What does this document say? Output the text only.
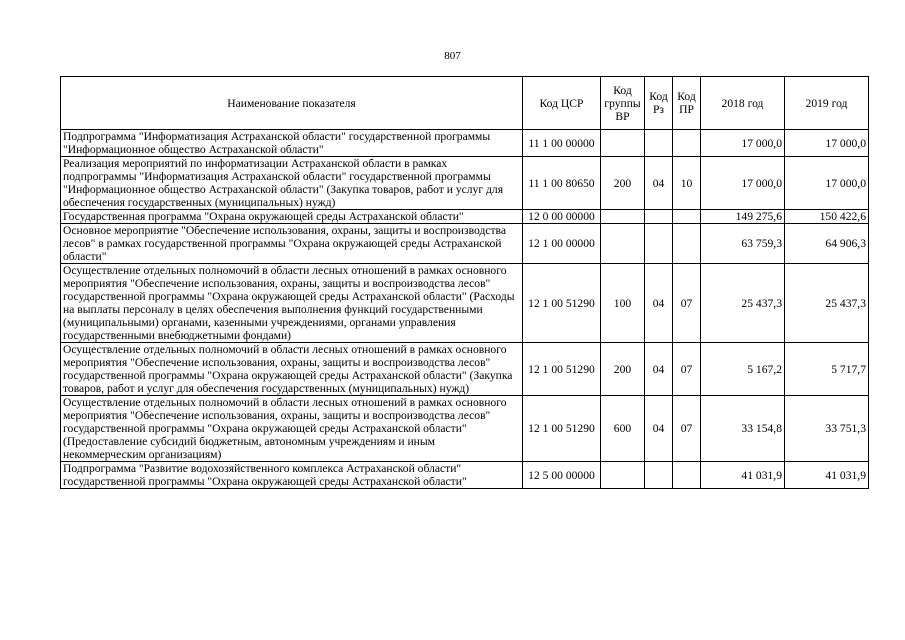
807
Наименование показателя	Код ЦСР	Код группы ВР	Код Рз	Код ПР	2018 год	2019 год
Подпрограмма "Информатизация Астраханской области" государственной программы "Информационное общество Астраханской области"	11 1 00 00000				17 000,0	17 000,0
Реализация мероприятий по информатизации Астраханской области в рамках подпрограммы "Информатизация Астраханской области" государственной программы "Информационное общество Астраханской области" (Закупка товаров, работ и услуг для обеспечения государственных (муниципальных) нужд)	11 1 00 80650	200	04	10	17 000,0	17 000,0
Государственная программа "Охрана окружающей среды Астраханской области"	12 0 00 00000				149 275,6	150 422,6
Основное мероприятие "Обеспечение использования, охраны, защиты и воспроизводства лесов" в рамках государственной программы "Охрана окружающей среды Астраханской области"	12 1 00 00000				63 759,3	64 906,3
Осуществление отдельных полномочий в области лесных отношений в рамках основного мероприятия "Обеспечение использования, охраны, защиты и воспроизводства лесов" государственной программы "Охрана окружающей среды Астраханской области" (Расходы на выплаты персоналу в целях обеспечения выполнения функций государственными (муниципальными) органами, казенными учреждениями, органами управления государственными внебюджетными фондами)	12 1 00 51290	100	04	07	25 437,3	25 437,3
Осуществление отдельных полномочий в области лесных отношений в рамках основного мероприятия "Обеспечение использования, охраны, защиты и воспроизводства лесов" государственной программы "Охрана окружающей среды Астраханской области" (Закупка товаров, работ и услуг для обеспечения государственных (муниципальных) нужд)	12 1 00 51290	200	04	07	5 167,2	5 717,7
Осуществление отдельных полномочий в области лесных отношений в рамках основного мероприятия "Обеспечение использования, охраны, защиты и воспроизводства лесов" государственной программы "Охрана окружающей среды Астраханской области" (Предоставление субсидий бюджетным, автономным учреждениям и иным некоммерческим организациям)	12 1 00 51290	600	04	07	33 154,8	33 751,3
Подпрограмма "Развитие водохозяйственного комплекса Астраханской области" государственной программы "Охрана окружающей среды Астраханской области"	12 5 00 00000				41 031,9	41 031,9
